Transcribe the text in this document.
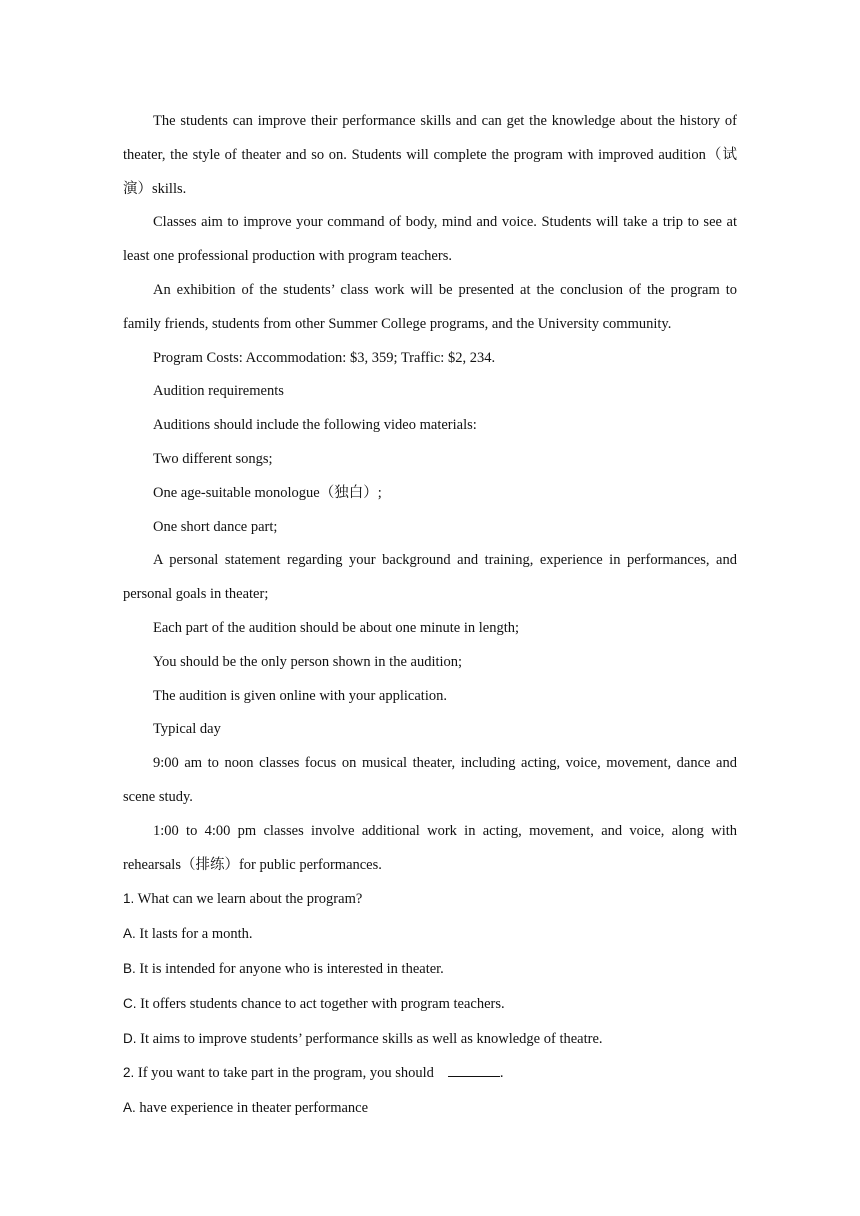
The students can improve their performance skills and can get the knowledge about the history of theater, the style of theater and so on. Students will complete the program with improved audition（试演）skills.

Classes aim to improve your command of body, mind and voice. Students will take a trip to see at least one professional production with program teachers.

An exhibition of the students’ class work will be presented at the conclusion of the program to family friends, students from other Summer College programs, and the University community.

Program Costs: Accommodation: $3, 359; Traffic: $2, 234.

Audition requirements

Auditions should include the following video materials:

Two different songs;

One age-suitable monologue（独白）;

One short dance part;

A personal statement regarding your background and training, experience in performances, and personal goals in theater;

Each part of the audition should be about one minute in length;

You should be the only person shown in the audition;

The audition is given online with your application.

Typical day

9:00 am to noon classes focus on musical theater, including acting, voice, movement, dance and scene study.

1:00 to 4:00 pm classes involve additional work in acting, movement, and voice, along with rehearsals（排练）for public performances.

1. What can we learn about the program?

A. It lasts for a month.

B. It is intended for anyone who is interested in theater.

C. It offers students chance to act together with program teachers.

D. It aims to improve students’ performance skills as well as knowledge of theatre.

2. If you want to take part in the program, you should	.

A. have experience in theater performance
